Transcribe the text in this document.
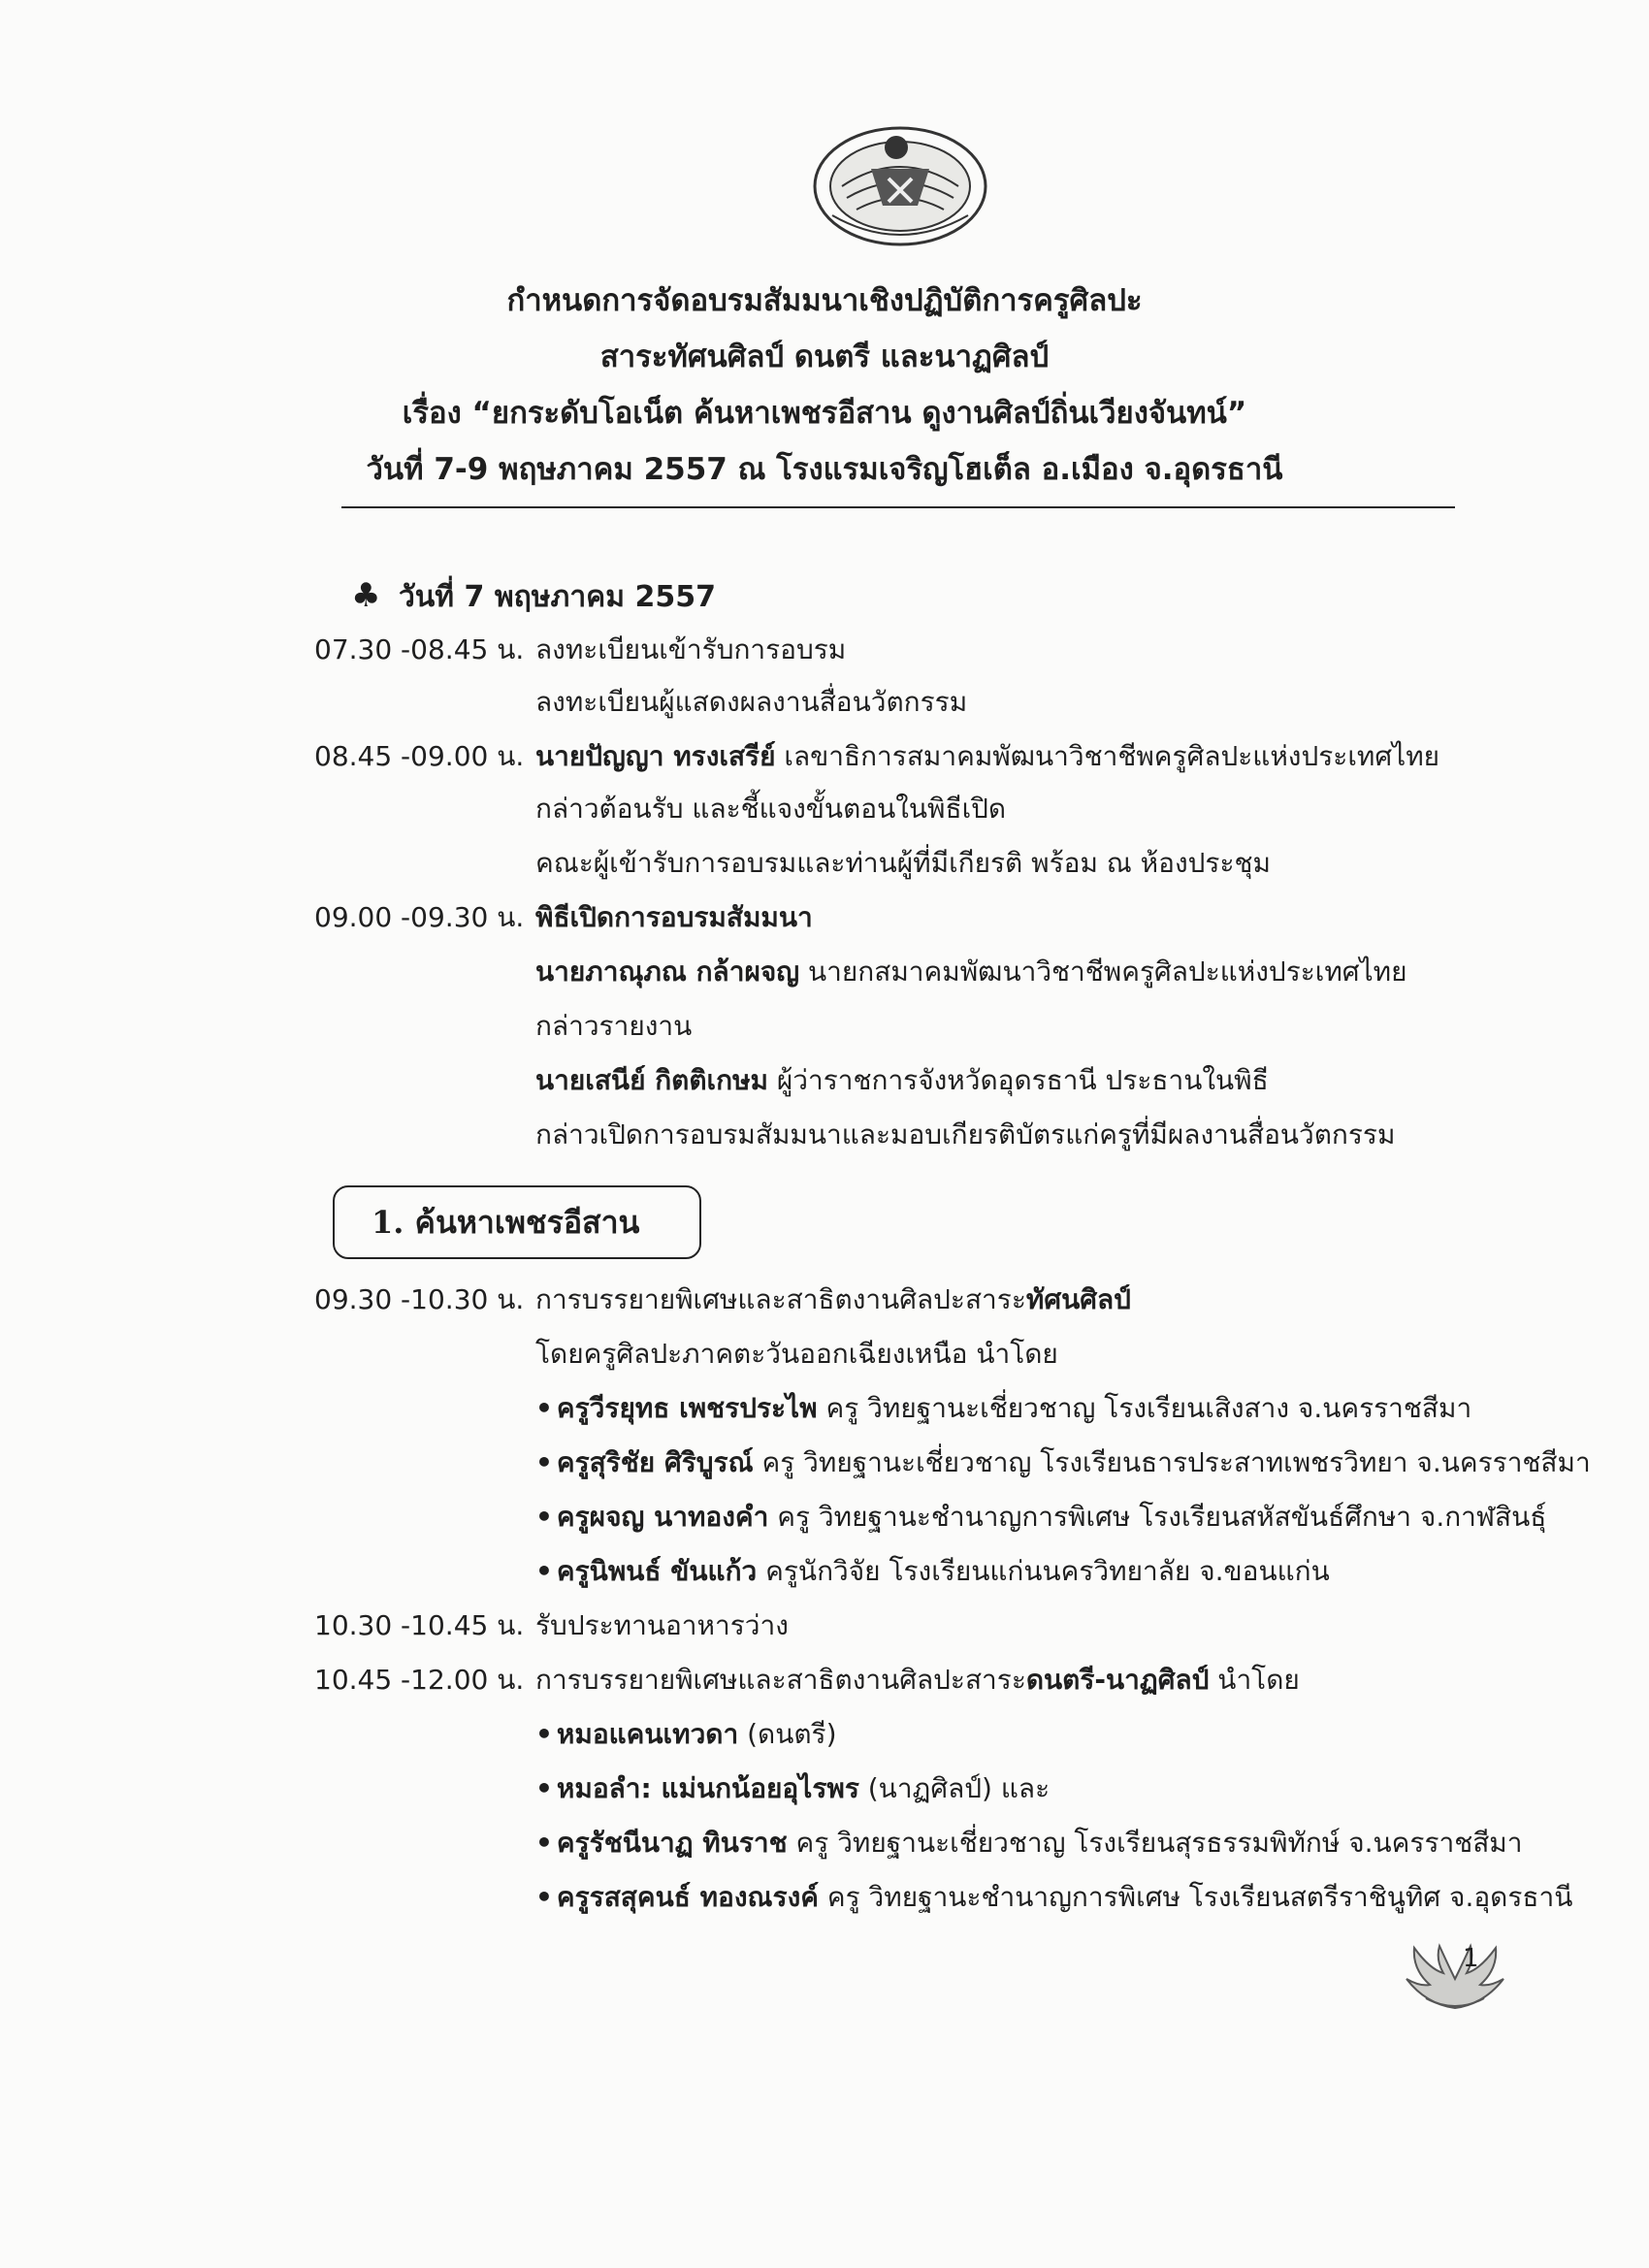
กำหนดการจัดอบรมสัมมนาเชิงปฏิบัติการครูศิลปะ
สาระทัศนศิลป์ ดนตรี และนาฏศิลป์
เรื่อง “ยกระดับโอเน็ต ค้นหาเพชรอีสาน ดูงานศิลป์ถิ่นเวียงจันทน์”
วันที่ 7-9 พฤษภาคม 2557 ณ โรงแรมเจริญโฮเต็ล อ.เมือง จ.อุดรธานี
♣ วันที่ 7 พฤษภาคม 2557
07.30 -08.45 น. ลงทะเบียนเข้ารับการอบรม
ลงทะเบียนผู้แสดงผลงานสื่อนวัตกรรม
08.45 -09.00 น. นายปัญญา ทรงเสรีย์ เลขาธิการสมาคมพัฒนาวิชาชีพครูศิลปะแห่งประเทศไทย
กล่าวต้อนรับ และชี้แจงขั้นตอนในพิธีเปิด
คณะผู้เข้ารับการอบรมและท่านผู้ที่มีเกียรติ พร้อม ณ ห้องประชุม
09.00 -09.30 น. พิธีเปิดการอบรมสัมมนา
นายภาณุภณ กล้าผจญ นายกสมาคมพัฒนาวิชาชีพครูศิลปะแห่งประเทศไทย
กล่าวรายงาน
นายเสนีย์ กิตติเกษม ผู้ว่าราชการจังหวัดอุดรธานี ประธานในพิธี
กล่าวเปิดการอบรมสัมมนาและมอบเกียรติบัตรแก่ครูที่มีผลงานสื่อนวัตกรรม
1. ค้นหาเพชรอีสาน
09.30 -10.30 น. การบรรยายพิเศษและสาธิตงานศิลปะสาระทัศนศิลป์
โดยครูศิลปะภาคตะวันออกเฉียงเหนือ นำโดย
• ครูวีรยุทธ เพชรประไพ ครู วิทยฐานะเชี่ยวชาญ โรงเรียนเสิงสาง จ.นครราชสีมา
• ครูสุริชัย ศิริบูรณ์ ครู วิทยฐานะเชี่ยวชาญ โรงเรียนธารประสาทเพชรวิทยา จ.นครราชสีมา
• ครูผจญ นาทองคำ ครู วิทยฐานะชำนาญการพิเศษ โรงเรียนสหัสขันธ์ศึกษา จ.กาฬสินธุ์
• ครูนิพนธ์ ขันแก้ว ครูนักวิจัย โรงเรียนแก่นนครวิทยาลัย จ.ขอนแก่น
10.30 -10.45 น. รับประทานอาหารว่าง
10.45 -12.00 น. การบรรยายพิเศษและสาธิตงานศิลปะสาระดนตรี-นาฏศิลป์ นำโดย
• หมอแคนเทวดา (ดนตรี)
• หมอลำ: แม่นกน้อยอุไรพร (นาฏศิลป์) และ
• ครูรัชนีนาฏ ทินราช ครู วิทยฐานะเชี่ยวชาญ โรงเรียนสุรธรรมพิทักษ์ จ.นครราชสีมา
• ครูรสสุคนธ์ ทองณรงค์ ครู วิทยฐานะชำนาญการพิเศษ โรงเรียนสตรีราชินูทิศ จ.อุดรธานี
1
